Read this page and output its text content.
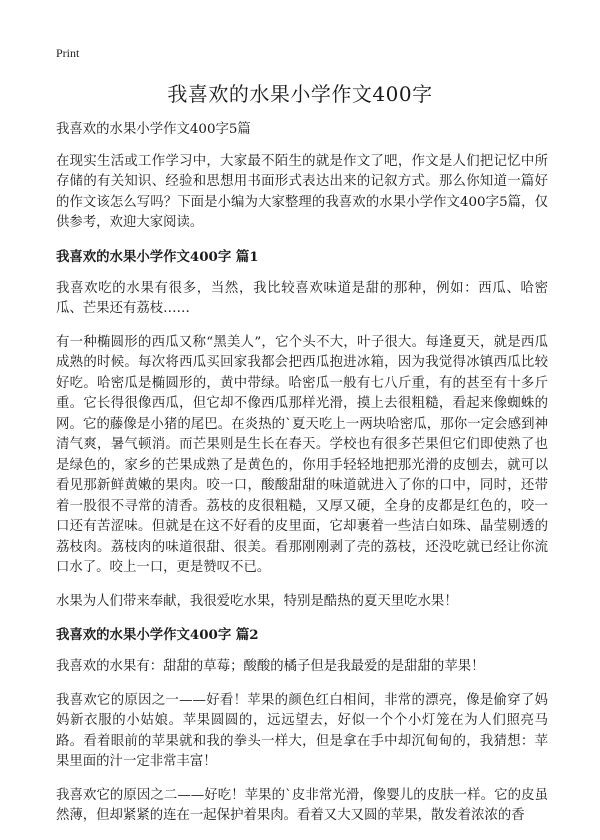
Print
我喜欢的水果小学作文400字
我喜欢的水果小学作文400字5篇

在现实生活或工作学习中，大家最不陌生的就是作文了吧，作文是人们把记忆中所存储的有关知识、经验和思想用书面形式表达出来的记叙方式。那么你知道一篇好的作文该怎么写吗？下面是小编为大家整理的我喜欢的水果小学作文400字5篇，仅供参考，欢迎大家阅读。

我喜欢的水果小学作文400字 篇1

我喜欢吃的水果有很多，当然，我比较喜欢味道是甜的那种，例如：西瓜、哈密瓜、芒果还有荔枝……

有一种椭圆形的西瓜又称“黑美人”，它个头不大，叶子很大。每逢夏天，就是西瓜成熟的时候。每次将西瓜买回家我都会把西瓜抱进冰箱，因为我觉得冰镇西瓜比较好吃。哈密瓜是椭圆形的，黄中带绿。哈密瓜一般有七八斤重，有的甚至有十多斤重。它长得很像西瓜，但它却不像西瓜那样光滑，摸上去很粗糙，看起来像蜘蛛的网。它的藤像是小猪的尾巴。在炎热的`夏天吃上一两块哈密瓜，那你一定会感到神清气爽，暑气顿消。而芒果则是生长在春天。学校也有很多芒果但它们即使熟了也是绿色的，家乡的芒果成熟了是黄色的，你用手轻轻地把那光滑的皮刨去，就可以看见那新鲜黄嫩的果肉。咬一口，酸酸甜甜的味道就进入了你的口中，同时，还带着一股很不寻常的清香。荔枝的皮很粗糙，又厚又硬，全身的皮都是红色的，咬一口还有苦涩味。但就是在这不好看的皮里面，它却裹着一些洁白如珠、晶莹剔透的荔枝肉。荔枝肉的味道很甜、很美。看那刚刚剥了壳的荔枝，还没吃就已经让你流口水了。咬上一口，更是赞叹不已。

水果为人们带来奉献，我很爱吃水果，特别是酷热的夏天里吃水果！

我喜欢的水果小学作文400字 篇2

我喜欢的水果有：甜甜的草莓；酸酸的橘子但是我最爱的是甜甜的苹果！

我喜欢它的原因之一——好看！苹果的颜色红白相间，非常的漂亮，像是偷穿了妈妈新衣服的小姑娘。苹果圆圆的，远远望去，好似一个个小灯笼在为人们照亮马路。看着眼前的苹果就和我的拳头一样大，但是拿在手中却沉甸甸的，我猜想：苹果里面的汁一定非常丰富！

我喜欢它的原因之二——好吃！苹果的`皮非常光滑，像婴儿的皮肤一样。它的皮虽然薄，但却紧紧的连在一起保护着果肉。看着又大又圆的苹果，散发着浓浓的香
